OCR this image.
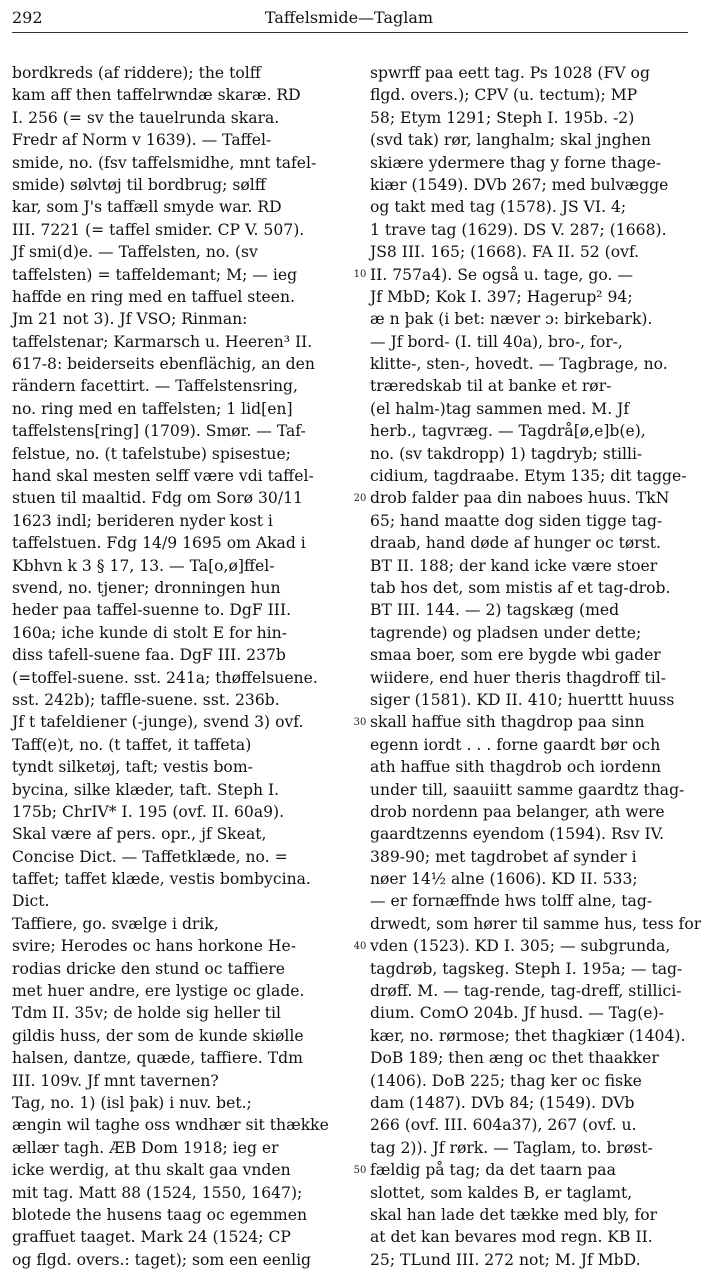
292	Taffelsmide—Taglam
bordkreds (af riddere); the tolff
kam aff then taffelrwndæ skaræ. RD
I. 256 (= sv the tauelrunda skara.
Fredr af Norm v 1639). — Taffel-
smide, no. (fsv taffelsmidhe, mnt tafel-
smide) sølvtøj til bordbrug; sølff
kar, som J's taffæll smyde war. RD
III. 7221 (= taffel smider. CP V. 507).
Jf smi(d)e. — Taffelsten, no. (sv
taffelsten) = taffeldemant; M; — ieg
haffde en ring med en taffuel steen.
Jm 21 not 3). Jf VSO; Rinman:
taffelstenar; Karmarsch u. Heeren³ II.
617-8: beiderseits ebenflächig, an den
rändern facettirt. — Taffelstensring,
no. ring med en taffelsten; 1 lid[en]
taffelstens[ring] (1709). Smør. — Taf-
felstue, no. (t tafelstube) spisestue;
hand skal mesten selff være vdi taffel-
stuen til maaltid. Fdg om Sorø 30/11
1623 indl; berideren nyder kost i
taffelstuen. Fdg 14/9 1695 om Akad i
Kbhvn k 3 § 17, 13. — Ta[o,ø]ffel-
svend, no. tjener; dronningen hun
heder paa taffel-suenne to. DgF III.
160a; iche kunde di stolt E for hin-
diss tafell-suene faa. DgF III. 237b
(=toffel-suene. sst. 241a; thøffelsuene.
sst. 242b); taffle-suene. sst. 236b.
Jf t tafeldiener (-junge), svend 3) ovf.
Taff(e)t, no. (t taffet, it taffeta)
tyndt silketøj, taft; vestis bom-
bycina, silke klæder, taft. Steph I.
175b; ChrIV* I. 195 (ovf. II. 60a9).
Skal være af pers. opr., jf Skeat,
Concise Dict. — Taffetklæde, no. =
taffet; taffet klæde, vestis bombycina.
Dict.
Taffiere, go. svælge i drik,
svire; Herodes oc hans horkone He-
rodias dricke den stund oc taffiere
met huer andre, ere lystige oc glade.
Tdm II. 35v; de holde sig heller til
gildis huss, der som de kunde skiølle
halsen, dantze, quæde, taffiere. Tdm
III. 109v. Jf mnt tavernen?
Tag, no. 1) (isl þak) i nuv. bet.;
ængin wil taghe oss wndhær sit thække
ællær tagh. ÆB Dom 1918; ieg er
icke werdig, at thu skalt gaa vnden
mit tag. Matt 88 (1524, 1550, 1647);
blotede the husens taag oc egemmen
graffuet taaget. Mark 24 (1524; CP
og flgd. overs.: taget); som een eenlig
10
20
30
40
50
spwrff paa eett tag. Ps 1028 (FV og
flgd. overs.); CPV (u. tectum); MP
58; Etym 1291; Steph I. 195b. -2)
(svd tak) rør, langhalm; skal jnghen
skiære ydermere thag y forne thage-
kiær (1549). DVb 267; med bulvægge
og takt med tag (1578). JS VI. 4;
1 trave tag (1629). DS V. 287; (1668).
JS8 III. 165; (1668). FA II. 52 (ovf.
II. 757a4). Se også u. tage, go. —
Jf MbD; Kok I. 397; Hagerup² 94;
æ n þak (i bet: næver ɔ: birkebark).
— Jf bord- (I. till 40a), bro-, for-,
klitte-, sten-, hovedt. — Tagbrage, no.
træredskab til at banke et rør-
(el halm-)tag sammen med. M. Jf
herb., tagvræg. — Tagdrå[ø,e]b(e),
no. (sv takdropp) 1) tagdryb; stilli-
cidium, tagdraabe. Etym 135; dit tagge-
drob falder paa din naboes huus. TkN
65; hand maatte dog siden tigge tag-
draab, hand døde af hunger oc tørst.
BT II. 188; der kand icke være stoer
tab hos det, som mistis af et tag-drob.
BT III. 144. — 2) tagskæg (med
tagrende) og pladsen under dette;
smaa boer, som ere bygde wbi gader
wiidere, end huer theris thagdroff til-
siger (1581). KD II. 410; huerttt huuss
skall haffue sith thagdrop paa sinn
egenn iordt . . . forne gaardt bør och
ath haffue sith thagdrob och iordenn
under till, saauiitt samme gaardtz thag-
drob nordenn paa belanger, ath were
gaardtzenns eyendom (1594). Rsv IV.
389-90; met tagdrobet af synder i
nøer 14½ alne (1606). KD II. 533;
— er fornæffnde hws tolff alne, tag-
drwedt, som hører til samme hus, tess for
vden (1523). KD I. 305; — subgrunda,
tagdrøb, tagskeg. Steph I. 195a; — tag-
drøff. M. — tag-rende, tag-dreff, stillici-
dium. ComO 204b. Jf husd. — Tag(e)-
kær, no. rørmose; thet thagkiær (1404).
DoB 189; then æng oc thet thaakker
(1406). DoB 225; thag ker oc fiske
dam (1487). DVb 84; (1549). DVb
266 (ovf. III. 604a37), 267 (ovf. u.
tag 2)). Jf rørk. — Taglam, to. brøst-
fældig på tag; da det taarn paa
slottet, som kaldes B, er taglamt,
skal han lade det tække med bly, for
at det kan bevares mod regn. KB II.
25; TLund III. 272 not; M. Jf MbD.
